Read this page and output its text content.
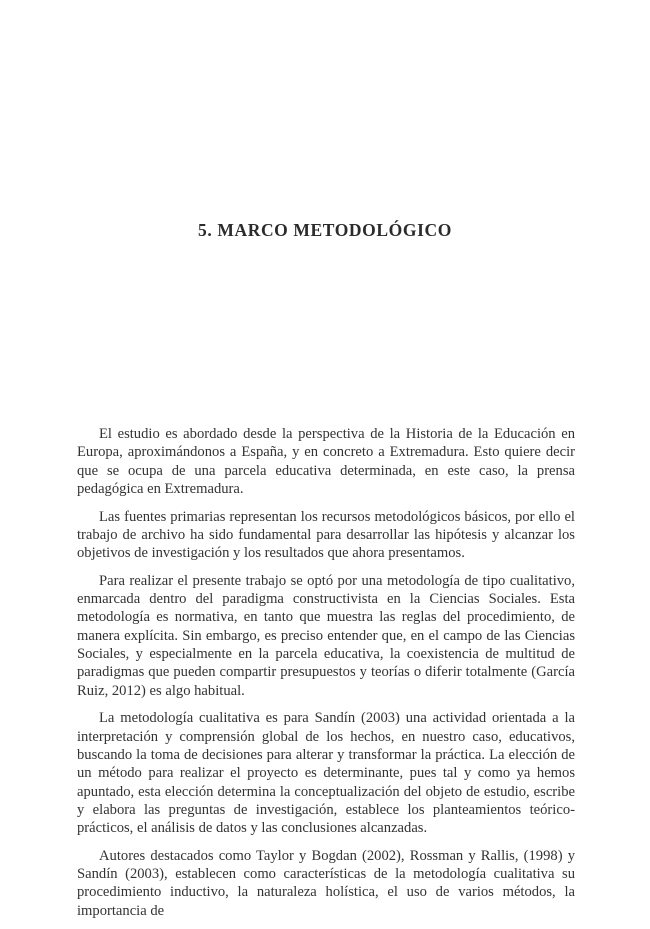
5. MARCO METODOLÓGICO

El estudio es abordado desde la perspectiva de la Historia de la Educación en Europa, aproximándonos a España, y en concreto a Extremadura. Esto quiere decir que se ocupa de una parcela educativa determinada, en este caso, la prensa pedagógica en Extremadura.

Las fuentes primarias representan los recursos metodológicos básicos, por ello el trabajo de archivo ha sido fundamental para desarrollar las hipótesis y alcanzar los objetivos de investigación y los resultados que ahora presentamos.

Para realizar el presente trabajo se optó por una metodología de tipo cualitativo, enmarcada dentro del paradigma constructivista en la Ciencias Sociales. Esta metodología es normativa, en tanto que muestra las reglas del procedimiento, de manera explícita. Sin embargo, es preciso entender que, en el campo de las Ciencias Sociales, y especialmente en la parcela educativa, la coexistencia de multitud de paradigmas que pueden compartir presupuestos y teorías o diferir totalmente (García Ruiz, 2012) es algo habitual.

La metodología cualitativa es para Sandín (2003) una actividad orientada a la interpretación y comprensión global de los hechos, en nuestro caso, educativos, buscando la toma de decisiones para alterar y transformar la práctica. La elección de un método para realizar el proyecto es determinante, pues tal y como ya hemos apuntado, esta elección determina la conceptualización del objeto de estudio, escribe y elabora las preguntas de investigación, establece los planteamientos teórico-prácticos, el análisis de datos y las conclusiones alcanzadas.

Autores destacados como Taylor y Bogdan (2002), Rossman y Rallis, (1998) y Sandín (2003), establecen como características de la metodología cualitativa su procedimiento inductivo, la naturaleza holística, el uso de varios métodos, la importancia de
